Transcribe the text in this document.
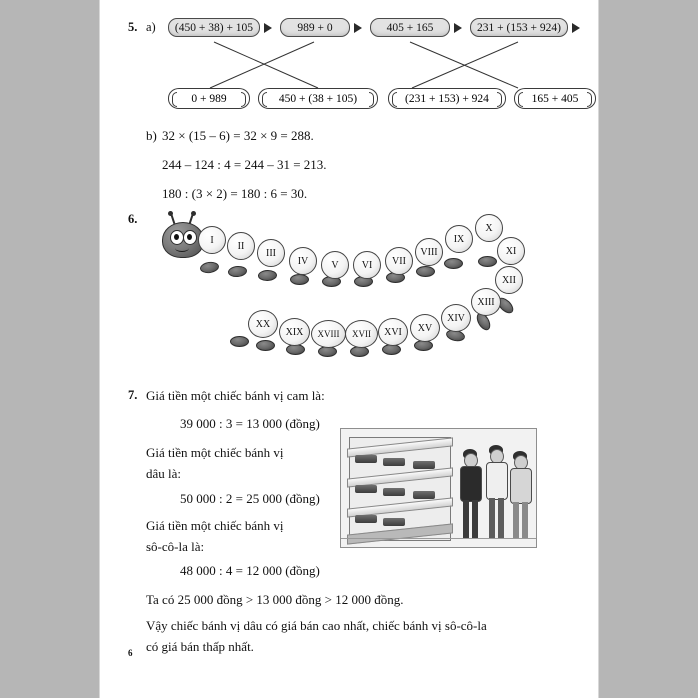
5. a)	(450 + 38) + 105	989 + 0	405 + 165	231 + (153 + 924)
0 + 989	450 + (38 + 105)	(231 + 153) + 924	165 + 405
b) 32 × (15 – 6) = 32 × 9 = 288.
244 – 124 : 4 = 244 – 31 = 213.
180 : (3 × 2) = 180 : 6 = 30.
6.
I
II
III
IV	V	VI	VII
VIII
IX
X
XI
XII
XIII
XIV
XV
XVI
XVII
XVIII
XIX
XX
7. Giá tiền một chiếc bánh vị cam là:
39 000 : 3 = 13 000 (đồng)
Giá tiền một chiếc bánh vị
dâu là:
50 000 : 2 = 25 000 (đồng)
Giá tiền một chiếc bánh vị
sô-cô-la là:
48 000 : 4 = 12 000 (đồng)
Ta có 25 000 đồng > 13 000 đồng > 12 000 đồng.
Vậy chiếc bánh vị dâu có giá bán cao nhất, chiếc bánh vị sô-cô-la
có giá bán thấp nhất.
6
